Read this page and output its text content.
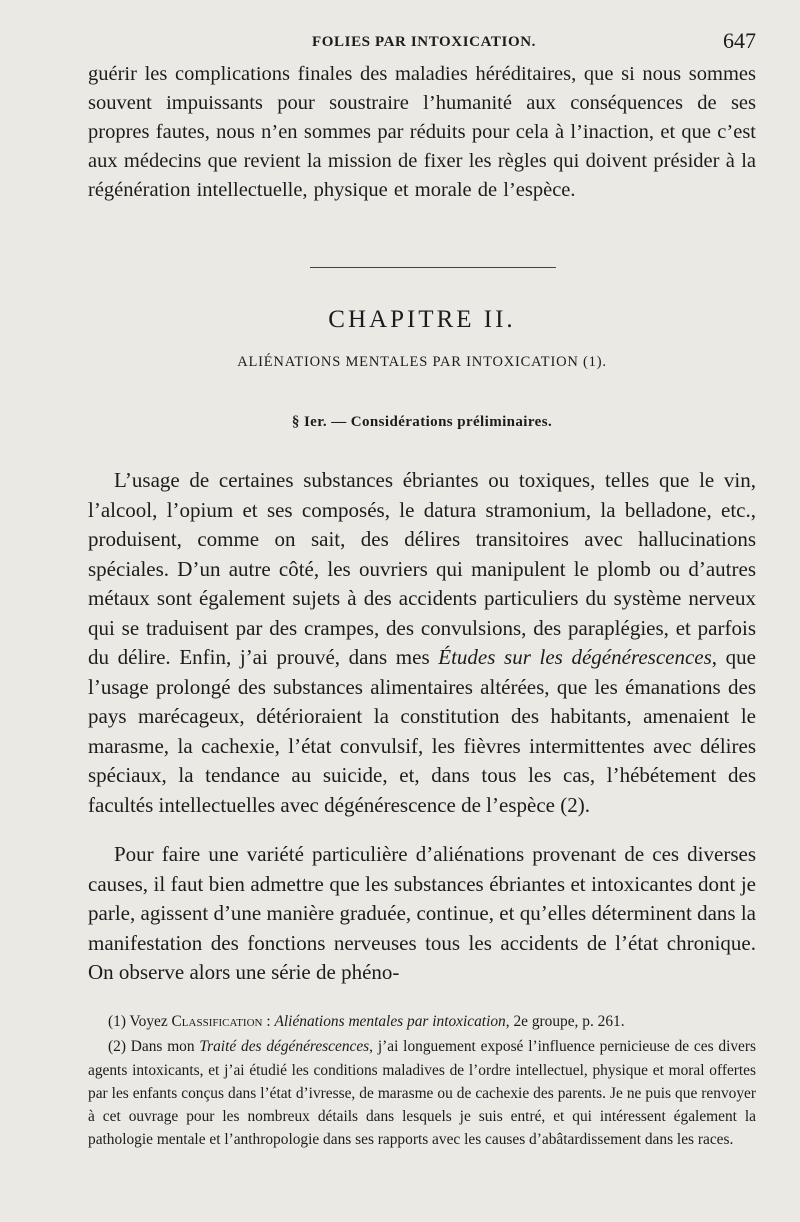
FOLIES PAR INTOXICATION.	647

guérir les complications finales des maladies héréditaires, que si nous sommes souvent impuissants pour soustraire l’humanité aux conséquences de ses propres fautes, nous n’en sommes par réduits pour cela à l’inaction, et que c’est aux médecins que revient la mission de fixer les règles qui doivent présider à la régénération intellectuelle, physique et morale de l’espèce.

CHAPITRE II.
ALIÉNATIONS MENTALES PAR INTOXICATION (1).
§ Ier. — Considérations préliminaires.

L’usage de certaines substances ébriantes ou toxiques, telles que le vin, l’alcool, l’opium et ses composés, le datura stramonium, la belladone, etc., produisent, comme on sait, des délires transitoires avec hallucinations spéciales. D’un autre côté, les ouvriers qui manipulent le plomb ou d’autres métaux sont également sujets à des accidents particuliers du système nerveux qui se traduisent par des crampes, des convulsions, des paraplégies, et parfois du délire. Enfin, j’ai prouvé, dans mes Études sur les dégénérescences, que l’usage prolongé des substances alimentaires altérées, que les émanations des pays marécageux, détérioraient la constitution des habitants, amenaient le marasme, la cachexie, l’état convulsif, les fièvres intermittentes avec délires spéciaux, la tendance au suicide, et, dans tous les cas, l’hébétement des facultés intellectuelles avec dégénérescence de l’espèce (2).

Pour faire une variété particulière d’aliénations provenant de ces diverses causes, il faut bien admettre que les substances ébriantes et intoxicantes dont je parle, agissent d’une manière graduée, continue, et qu’elles déterminent dans la manifestation des fonctions nerveuses tous les accidents de l’état chronique. On observe alors une série de phéno-

(1) Voyez Classification : Aliénations mentales par intoxication, 2e groupe, p. 261.

(2) Dans mon Traité des dégénérescences, j’ai longuement exposé l’influence pernicieuse de ces divers agents intoxicants, et j’ai étudié les conditions maladives de l’ordre intellectuel, physique et moral offertes par les enfants conçus dans l’état d’ivresse, de marasme ou de cachexie des parents. Je ne puis que renvoyer à cet ouvrage pour les nombreux détails dans lesquels je suis entré, et qui intéressent également la pathologie mentale et l’anthropologie dans ses rapports avec les causes d’abâtardissement dans les races.
